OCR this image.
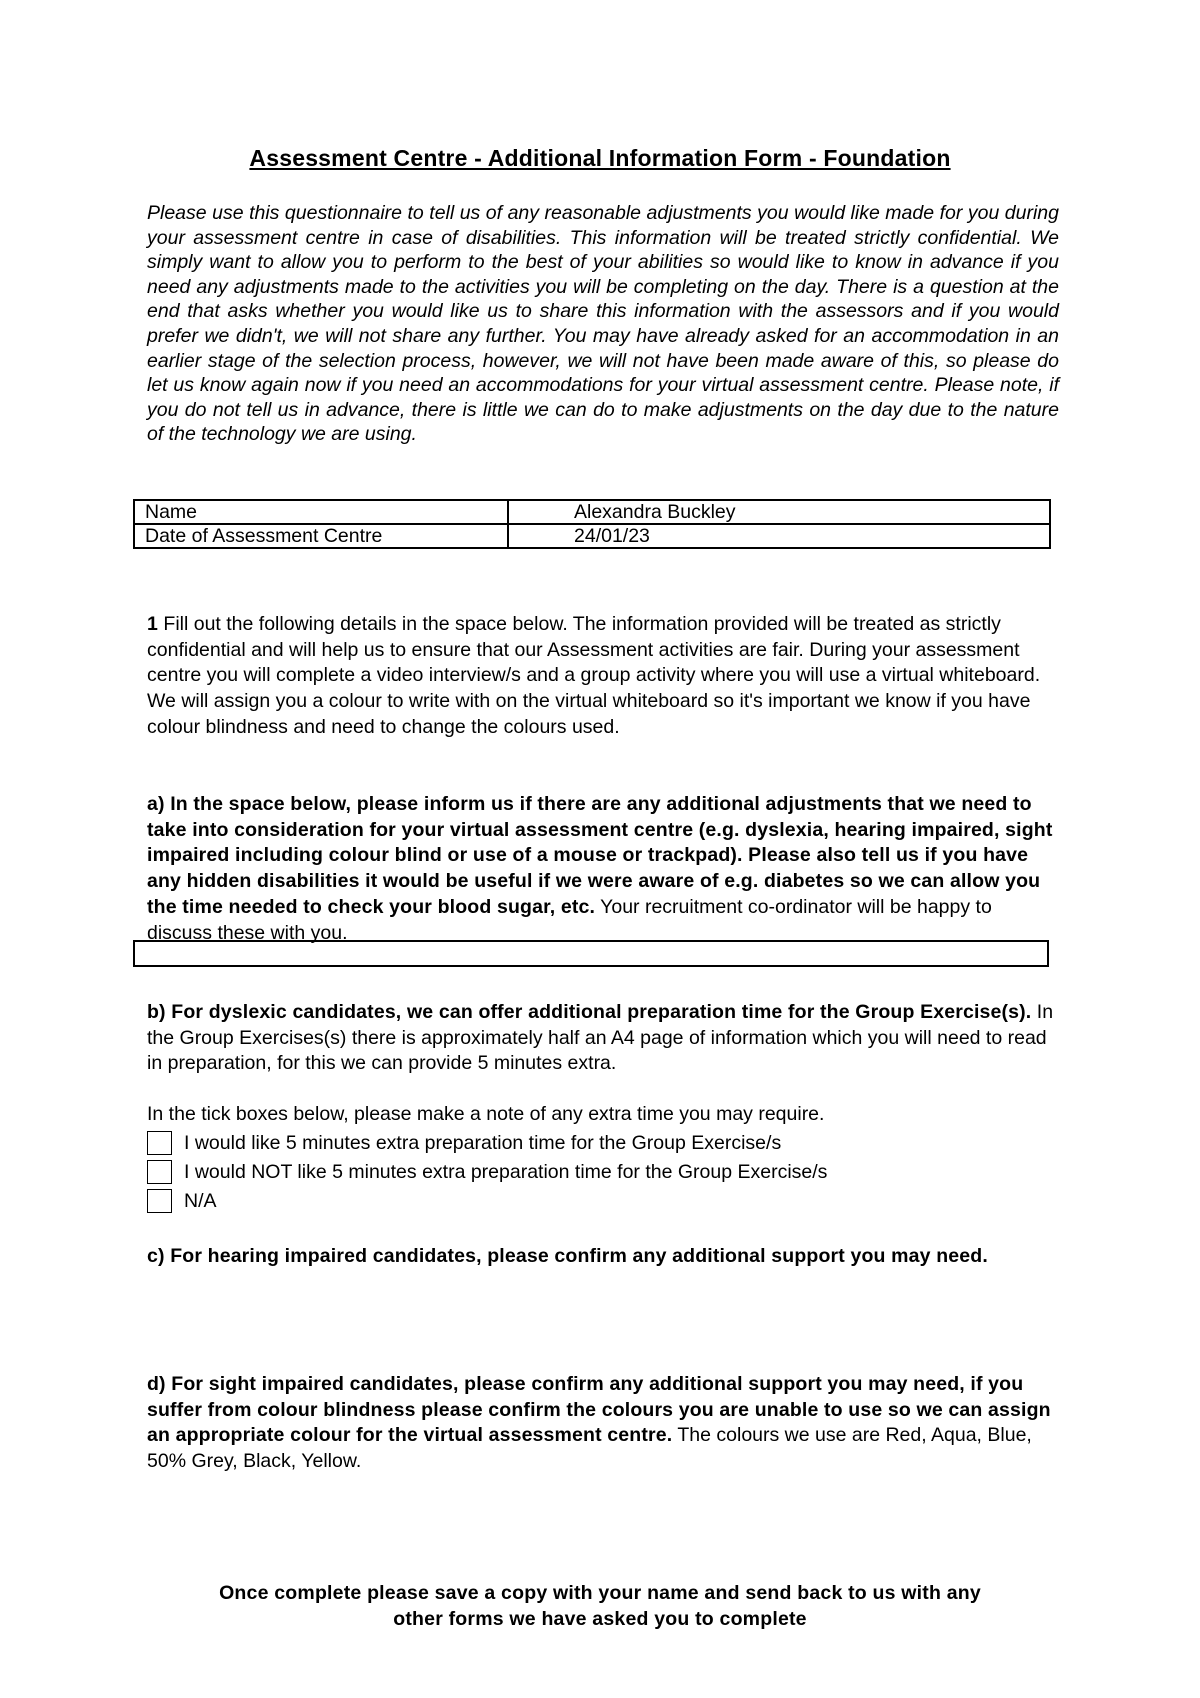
Assessment Centre - Additional Information Form - Foundation
Please use this questionnaire to tell us of any reasonable adjustments you would like made for you during your assessment centre in case of disabilities. This information will be treated strictly confidential. We simply want to allow you to perform to the best of your abilities so would like to know in advance if you need any adjustments made to the activities you will be completing on the day. There is a question at the end that asks whether you would like us to share this information with the assessors and if you would prefer we didn't, we will not share any further. You may have already asked for an accommodation in an earlier stage of the selection process, however, we will not have been made aware of this, so please do let us know again now if you need an accommodations for your virtual assessment centre. Please note, if you do not tell us in advance, there is little we can do to make adjustments on the day due to the nature of the technology we are using.
Name	Alexandra Buckley
Date of Assessment Centre	24/01/23
1 Fill out the following details in the space below. The information provided will be treated as strictly confidential and will help us to ensure that our Assessment activities are fair. During your assessment centre you will complete a video interview/s and a group activity where you will use a virtual whiteboard. We will assign you a colour to write with on the virtual whiteboard so it's important we know if you have colour blindness and need to change the colours used.
a) In the space below, please inform us if there are any additional adjustments that we need to take into consideration for your virtual assessment centre (e.g. dyslexia, hearing impaired, sight impaired including colour blind or use of a mouse or trackpad). Please also tell us if you have any hidden disabilities it would be useful if we were aware of e.g. diabetes so we can allow you the time needed to check your blood sugar, etc. Your recruitment co-ordinator will be happy to discuss these with you.
b) For dyslexic candidates, we can offer additional preparation time for the Group Exercise(s). In the Group Exercises(s) there is approximately half an A4 page of information which you will need to read in preparation, for this we can provide 5 minutes extra.
In the tick boxes below, please make a note of any extra time you may require.
I would like 5 minutes extra preparation time for the Group Exercise/s
I would NOT like 5 minutes extra preparation time for the Group Exercise/s
N/A
c) For hearing impaired candidates, please confirm any additional support you may need.
d) For sight impaired candidates, please confirm any additional support you may need, if you suffer from colour blindness please confirm the colours you are unable to use so we can assign an appropriate colour for the virtual assessment centre. The colours we use are Red, Aqua, Blue, 50% Grey, Black, Yellow.
Once complete please save a copy with your name and send back to us with any
other forms we have asked you to complete
